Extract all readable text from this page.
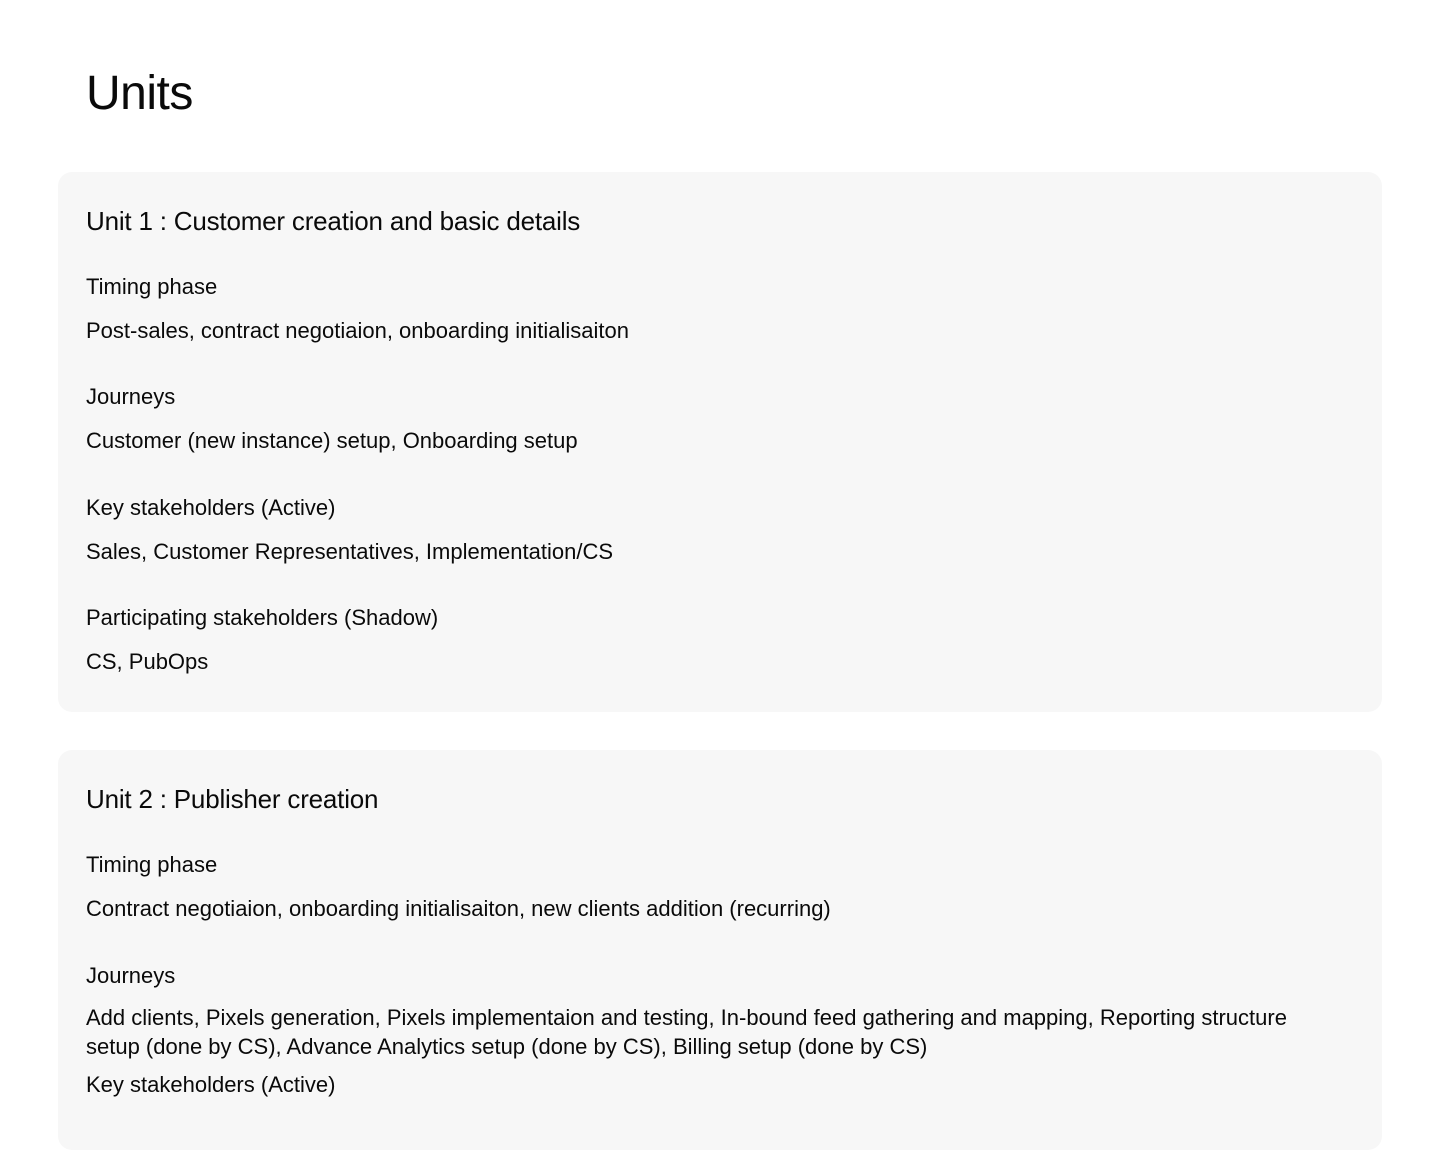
Units
Unit 1 : Customer creation and basic details

Timing phase

Post-sales, contract negotiaion, onboarding initialisaiton

Journeys

Customer (new instance) setup, Onboarding setup

Key stakeholders (Active)

Sales, Customer Representatives, Implementation/CS

Participating stakeholders (Shadow)

CS, PubOps

Unit 2 : Publisher creation

Timing phase

Contract negotiaion, onboarding initialisaiton, new clients addition (recurring)

Journeys

Add clients, Pixels generation, Pixels implementaion and testing, In-bound feed gathering and mapping, Reporting structure setup (done by CS), Advance Analytics setup (done by CS), Billing setup (done by CS)

Key stakeholders (Active)
